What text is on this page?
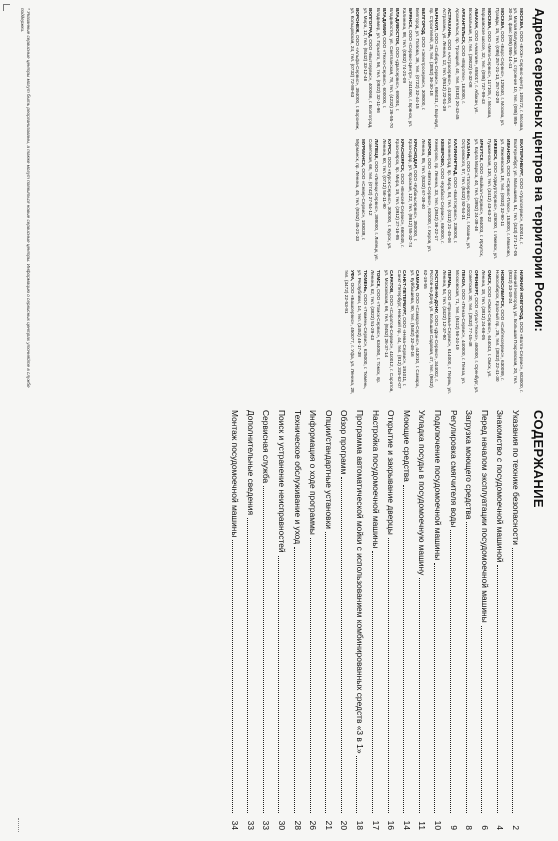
Адреса сервисных центров на территории России:

МОСКВА, ООО «ЕХЭ» Сервис-центр, 109172, г. Москва, ул. Малая Калужская, 15, строение 10, тел. (095) 955-30-19, факс (095) 955-14-41

МОСКВА, ООО «Барс-Сервис», 125040, г. Москва, ул. Правды, 15, тел. (095) 257-21-13, 257-32-29

МОСКВА, ООО «Мега-Сервис», 117105, г. Москва, Варшавское шоссе, 32, тел. (095) 737-99-43

АБАКАН, ООО «Амалия», 655017, г. Абакан, ул. Вокзальная, 10, тел. (39022) 6-32-08

АРХАНГЕЛЬСК, ООО «Евротех», 163000, г. Архангельск, пр. Троицкий, 40, тел. (8182) 20-43-45

АСТРАХАНЬ, ООО «Астрасервис», 414000, г. Астрахань, ул. Ленина, 12, тел. (8512) 22-51-39

БАРНАУЛ, ООО «Сибирь-Сервис», 656031, г. Барнаул, пр. Строителей, 25, тел. (3852) 36-30-18

БЕЛГОРОД, ООО «Электросервис», 308000, г. Белгород, ул. Попова, 36, тел. (0722) 32-44-15

БРЯНСК, ООО «Сервис-Центр», 241050, г. Брянск, ул. Калинина, 98, тел. (0832) 74-21-09

ВЛАДИВОСТОК, ООО «Далсервис», 690091, г. Владивосток, ул. Светланская, 78, тел. (4232) 26-55-70

ВЛАДИМИР, ООО «Техно-Сервис», 600000, г. Владимир, ул. Горького, 56, тел. (0922) 32-11-96

ВОЛГОГРАД, ООО «Бытсервис», 400066, г. Волгоград, ул. Мира, 12, тел. (8442) 33-12-46

ВОРОНЕЖ, ООО «Альфа-Сервис», 394000, г. Воронеж, ул. Кольцовская, 24, тел. (0732) 72-89-63

ЕКАТЕРИНБУРГ, ООО «Уралсервис», 620014, г. Екатеринбург, ул. Малышева, 51, тел. (343) 371-17-05

ИВАНОВО, ООО «Сервис-Плюс», 153000, г. Иваново, ул. Лежневская, 18, тел. (0932) 32-90-11

ИЖЕВСК, ООО «Удмуртсервис», 426000, г. Ижевск, ул. Пушкинская, 130, тел. (3412) 43-63-22

ИРКУТСК, ООО «Байкал-Сервис», 664003, г. Иркутск, ул. Карла Маркса, 40, тел. (3952) 24-38-46

КАЗАНЬ, ООО «Татсервис», 420021, г. Казань, ул. Островского, 57, тел. (8432) 92-54-31

КАЛИНИНГРАД, ООО «Балтсервис», 236000, г. Калининград, пр. Мира, 84, тел. (0112) 21-45-06

КЕМЕРОВО, ООО «Кузбасс-Сервис», 650000, г. Кемерово, пр. Ленина, 33, тел. (3842) 36-22-17

КИРОВ, ООО «Вятка-Сервис», 610000, г. Киров, ул. Ленина, 85, тел. (8332) 67-38-40

КРАСНОДАР, ООО «Кубаньсервис», 350000, г. Краснодар, ул. Красная, 122, тел. (8612) 55-32-74

КРАСНОЯРСК, ООО «Енисей-Сервис», 660049, г. Красноярск, пр. Мира, 19, тел. (3912) 27-16-85

КУРСК, ООО «Курск-Сервис», 305000, г. Курск, ул. Ленина, 60, тел. (0712) 56-11-90

ЛИПЕЦК, ООО «Липецк-Сервис», 398000, г. Липецк, ул. Советская, 66, тел. (0742) 27-54-12

МУРМАНСК, ООО «Север-Сервис», 183038, г. Мурманск, пр. Ленина, 45, тел. (8152) 45-21-33

НИЖНИЙ НОВГОРОД, ООО «Волга-Сервис», 603000, г. Нижний Новгород, ул. Большая Покровская, 20, тел. (8312) 33-18-24

НОВОСИБИРСК, ООО «Сибтехсервис», 630099, г. Новосибирск, Красный пр., 25, тел. (3832) 22-41-30

ОМСК, ООО «Омск-Сервис», 644043, г. Омск, ул. Ленина, 18, тел. (3812) 24-66-05

ОРЕНБУРГ, ООО «Урал-Техно», 460000, г. Оренбург, ул. Советская, 30, тел. (3532) 77-15-48

ПЕНЗА, ООО «Пенза-Сервис», 440000, г. Пенза, ул. Московская, 71, тел. (8412) 56-24-19

ПЕРМЬ, ООО «Прикамье-Сервис», 614000, г. Пермь, ул. Ленина, 54, тел. (3422) 12-37-80

РОСТОВ-НА-ДОНУ, ООО «Дон-Сервис», 344002, г. Ростов-на-Дону, ул. Большая Садовая, 47, тел. (8632) 62-19-55

САМАРА, ООО «Самара-Сервис», 443010, г. Самара, ул. Куйбышева, 90, тел. (8462) 32-48-16

САНКТ-ПЕТЕРБУРГ, ООО «Нева-Сервис», 191011, г. Санкт-Петербург, Невский пр., 44, тел. (812) 315-62-07

САРАТОВ, ООО «Саратов-Сервис», 410012, г. Саратов, ул. Московская, 66, тел. (8452) 26-37-14

ТОМСК, ООО «Томск-Сервис», 634050, г. Томск, пр. Ленина, 62, тел. (3822) 51-29-43

ТЮМЕНЬ, ООО «Тюмень-Сервис», 625000, г. Тюмень, ул. Республики, 14, тел. (3452) 46-17-38

УФА, ООО «Башсервис», 450077, г. Уфа, ул. Ленина, 28, тел. (3472) 22-53-91

* Указанные сервисные центры могут быть реорганизованы, а также могут появиться новые сервисные центры. Информацию о сервисных центрах уточняйте в службе поддержки.
СОДЕРЖАНИЕ
Указания по технике безопасности
2
Знакомство с посудомоечной машиной
4
Перед началом эксплуатации посудомоечной машины
6
Загрузка моющего средства
8
Регулировка смягчителя воды
9
Подключение посудомоечной машины
10
Укладка посуды в посудомоечную машину
11
Моющие средства
14
Открытие и закрывание дверцы
16
Настройка посудомоечной машины
17
Программа автоматической мойки с использованием комбинированных средств «3 в 1»
18
Обзор программ
20
Опции/стандартные установки
21
Информация о ходе программы
26
Техническое обслуживание и уход
28
Поиск и устранение неисправностей
30
Сервисная служба
33
Дополнительные сведения
33
Монтаж посудомоечной машины
34
